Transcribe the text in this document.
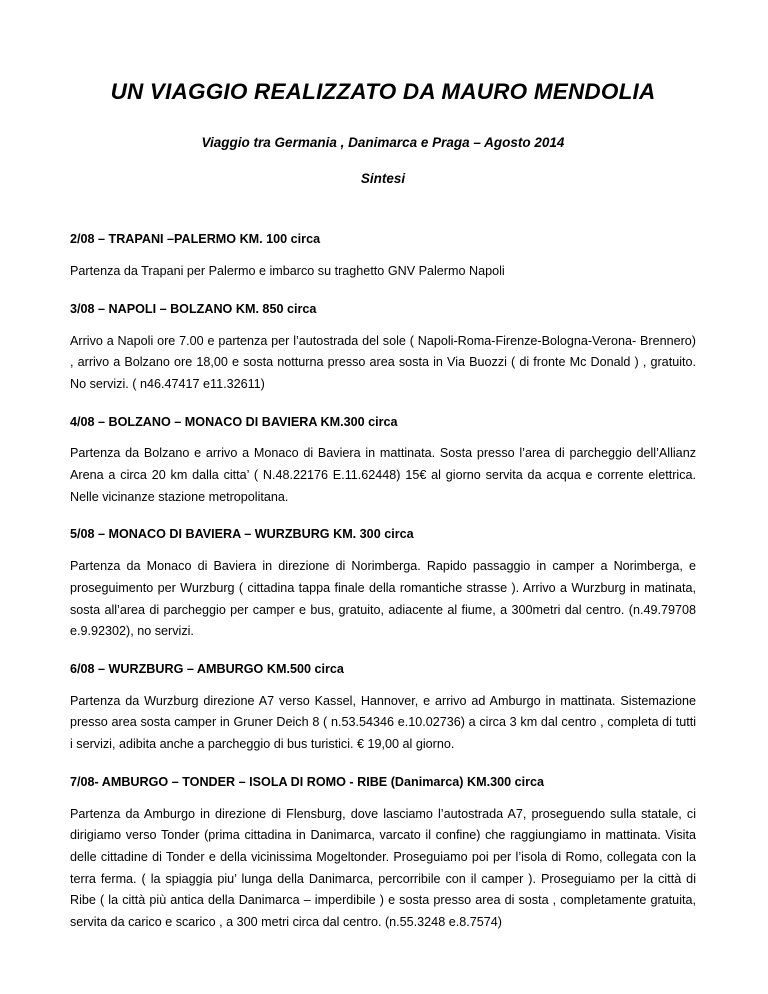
UN VIAGGIO REALIZZATO DA MAURO MENDOLIA
Viaggio tra Germania , Danimarca e Praga – Agosto 2014
Sintesi

2/08 – TRAPANI –PALERMO KM. 100 circa

Partenza da Trapani per Palermo e imbarco su traghetto GNV Palermo Napoli

3/08 – NAPOLI – BOLZANO KM. 850 circa

Arrivo a Napoli ore 7.00 e partenza per l’autostrada del sole ( Napoli-Roma-Firenze-Bologna-Verona- Brennero) , arrivo a Bolzano ore 18,00 e sosta notturna presso area sosta in Via Buozzi ( di fronte Mc Donald ) , gratuito. No servizi. ( n46.47417 e11.32611)

4/08 – BOLZANO – MONACO DI BAVIERA KM.300 circa

Partenza da Bolzano e arrivo a Monaco di Baviera in mattinata. Sosta presso l’area di parcheggio dell’Allianz Arena a circa 20 km dalla citta’ ( N.48.22176 E.11.62448) 15€ al giorno servita da acqua e corrente elettrica. Nelle vicinanze stazione metropolitana.

5/08 – MONACO DI BAVIERA – WURZBURG KM. 300 circa

Partenza da Monaco di Baviera in direzione di Norimberga. Rapido passaggio in camper a Norimberga, e proseguimento per Wurzburg ( cittadina tappa finale della romantiche strasse ). Arrivo a Wurzburg in matinata, sosta all’area di parcheggio per camper e bus, gratuito, adiacente al fiume, a 300metri dal centro. (n.49.79708 e.9.92302), no servizi.

6/08 – WURZBURG – AMBURGO KM.500 circa

Partenza da Wurzburg direzione A7 verso Kassel, Hannover, e arrivo ad Amburgo in mattinata. Sistemazione presso area sosta camper in Gruner Deich 8 ( n.53.54346 e.10.02736) a circa 3 km dal centro , completa di tutti i servizi, adibita anche a parcheggio di bus turistici. € 19,00 al giorno.

7/08- AMBURGO – TONDER – ISOLA DI ROMO - RIBE (Danimarca) KM.300 circa

Partenza da Amburgo in direzione di Flensburg, dove lasciamo l’autostrada A7, proseguendo sulla statale, ci dirigiamo verso Tonder (prima cittadina in Danimarca, varcato il confine) che raggiungiamo in mattinata. Visita delle cittadine di Tonder e della vicinissima Mogeltonder. Proseguiamo poi per l’isola di Romo, collegata con la terra ferma. ( la spiaggia piu’ lunga della Danimarca, percorribile con il camper ). Proseguiamo per la città di Ribe ( la città più antica della Danimarca – imperdibile ) e sosta presso area di sosta , completamente gratuita, servita da carico e scarico , a 300 metri circa dal centro. (n.55.3248 e.8.7574)
